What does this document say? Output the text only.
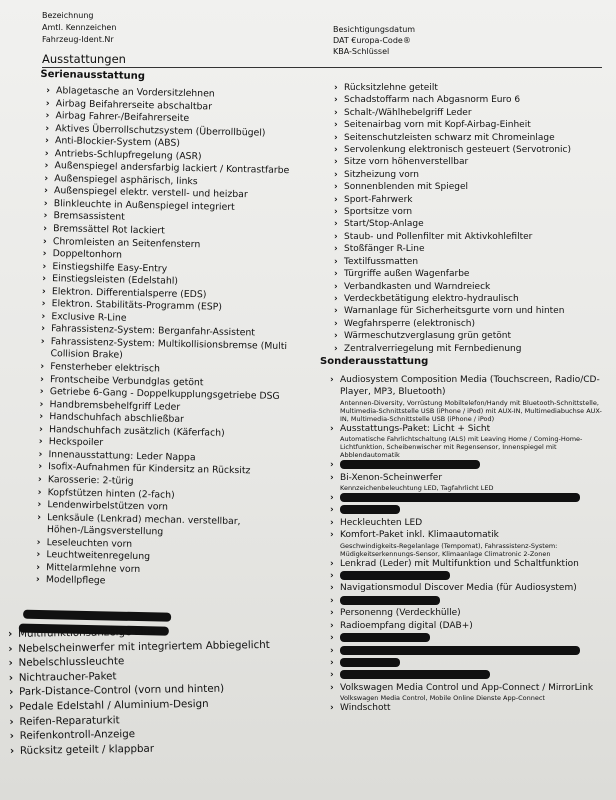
Bezeichnung
Amtl. Kennzeichen
Fahrzeug-Ident.Nr
Besichtigungsdatum
DAT €uropa-Code®
KBA-Schlüssel
Ausstattungen
Serienausstattung
› Ablagetasche an Vordersitzlehnen
› Airbag Beifahrerseite abschaltbar
› Airbag Fahrer-/Beifahrerseite
› Aktives Überrollschutzsystem (Überrollbügel)
› Anti-Blockier-System (ABS)
› Antriebs-Schlupfregelung (ASR)
› Außenspiegel andersfarbig lackiert / Kontrastfarbe
› Außenspiegel asphärisch, links
› Außenspiegel elektr. verstell- und heizbar
› Blinkleuchte in Außenspiegel integriert
› Bremsassistent
› Bremssättel Rot lackiert
› Chromleisten an Seitenfenstern
› Doppeltonhorn
› Einstiegshilfe Easy-Entry
› Einstiegsleisten (Edelstahl)
› Elektron. Differentialsperre (EDS)
› Elektron. Stabilitäts-Programm (ESP)
› Exclusive R-Line
› Fahrassistenz-System: Berganfahr-Assistent
› Fahrassistenz-System: Multikollisionsbremse (Multi Collision Brake)
› Fensterheber elektrisch
› Frontscheibe Verbundglas getönt
› Getriebe 6-Gang - Doppelkupplungsgetriebe DSG
› Handbremsbehelfgriff Leder
› Handschuhfach abschließbar
› Handschuhfach zusätzlich (Käferfach)
› Heckspoiler
› Innenausstattung: Leder Nappa
› Isofix-Aufnahmen für Kindersitz an Rücksitz
› Karosserie: 2-türig
› Kopfstützen hinten (2-fach)
› Lendenwirbelstützen vorn
› Lenksäule (Lenkrad) mechan. verstellbar, Höhen-/Längsverstellung
› Leseleuchten vorn
› Leuchtweitenregelung
› Mittelarmlehne vorn
› Modellpflege
› Multifunktionsanzeige Plus
› Nebelscheinwerfer mit integriertem Abbiegelicht
› Nebelschlussleuchte
› Nichtraucher-Paket
› Park-Distance-Control (vorn und hinten)
› Pedale Edelstahl / Aluminium-Design
› Reifen-Reparaturkit
› Reifenkontroll-Anzeige
› Rücksitz geteilt / klappbar
› Rücksitzlehne geteilt
› Schadstoffarm nach Abgasnorm Euro 6
› Schalt-/Wählhebelgriff Leder
› Seitenairbag vorn mit Kopf-Airbag-Einheit
› Seitenschutzleisten schwarz mit Chromeinlage
› Servolenkung elektronisch gesteuert (Servotronic)
› Sitze vorn höhenverstellbar
› Sitzheizung vorn
› Sonnenblenden mit Spiegel
› Sport-Fahrwerk
› Sportsitze vorn
› Start/Stop-Anlage
› Staub- und Pollenfilter mit Aktivkohlefilter
› Stoßfänger R-Line
› Textilfussmatten
› Türgriffe außen Wagenfarbe
› Verbandkasten und Warndreieck
› Verdeckbetätigung elektro-hydraulisch
› Warnanlage für Sicherheitsgurte vorn und hinten
› Wegfahrsperre (elektronisch)
› Wärmeschutzverglasung grün getönt
› Zentralverriegelung mit Fernbedienung
Sonderausstattung
› Audiosystem Composition Media (Touchscreen, Radio/CD-Player, MP3, Bluetooth)
Antennen-Diversity, Vorrüstung Mobiltelefon/Handy mit Bluetooth-Schnittstelle, Multimedia-Schnittstelle USB (iPhone / iPod) mit AUX-IN, Multimediabuchse AUX-IN, Multimedia-Schnittstelle USB (iPhone / iPod)
› Ausstattungs-Paket: Licht + Sicht
Automatische Fahrlichtschaltung (ALS) mit Leaving Home / Coming-Home-Lichtfunktion, Scheibenwischer mit Regensensor, Innenspiegel mit Abblendautomatik
›
› Bi-Xenon-Scheinwerfer
Kennzeichenbeleuchtung LED, Tagfahrlicht LED
›
›
› Heckleuchten LED
› Komfort-Paket inkl. Klimaautomatik
Geschwindigkeits-Regelanlage (Tempomat), Fahrassistenz-System: Müdigkeitserkennungs-Sensor, Klimaanlage Climatronic 2-Zonen
› Lenkrad (Leder) mit Multifunktion und Schaltfunktion
›
› Navigationsmodul Discover Media (für Audiosystem)
›
› Personenng (Verdeckhülle)
› Radioempfang digital (DAB+)
›
›
›
›
› Volkswagen Media Control und App-Connect / MirrorLink
Volkswagen Media Control, Mobile Online Dienste App-Connect
› Windschott
